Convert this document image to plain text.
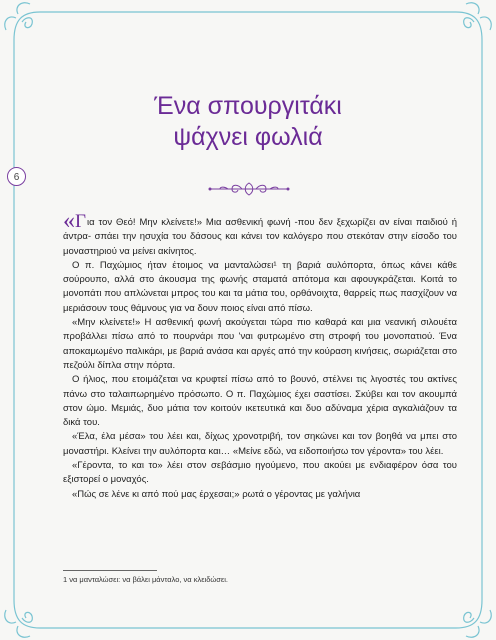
6
Ένα σπουργιτάκι
ψάχνει φωλιά

«Για τον Θεό! Μην κλείνετε!» Μια ασθενική φωνή -που δεν ξεχωρίζει αν είναι παιδιού ή άντρα- σπάει την ησυχία του δάσους και κάνει τον καλόγερο που στεκόταν στην είσοδο του μοναστηριού να μείνει ακίνητος.

Ο π. Παχώμιος ήταν έτοιμος να μανταλώσει¹ τη βαριά αυλόπορτα, όπως κάνει κάθε σούρουπο, αλλά στο άκουσμα της φωνής σταματά απότομα και αφουγκράζεται. Κοιτά το μονοπάτι που απλώνεται μπρος του και τα μάτια του, ορθάνοιχτα, θαρρείς πως πασχίζουν να μεριάσουν τους θάμνους για να δουν ποιος είναι από πίσω.

«Μην κλείνετε!» Η ασθενική φωνή ακούγεται τώρα πιο καθαρά και μια νεανική σιλουέτα προβάλλει πίσω από το πουρνάρι που 'ναι φυτρωμένο στη στροφή του μονοπατιού. Ένα αποκαμωμένο παλικάρι, με βαριά ανάσα και αργές από την κούραση κινήσεις, σωριάζεται στο πεζούλι δίπλα στην πόρτα.

Ο ήλιος, που ετοιμάζεται να κρυφτεί πίσω από το βουνό, στέλνει τις λιγοστές του ακτίνες πάνω στο ταλαιπωρημένο πρόσωπο. Ο π. Παχώμιος έχει σαστίσει. Σκύβει και τον ακουμπά στον ώμο. Μεμιάς, δυο μάτια τον κοιτούν ικετευτικά και δυο αδύναμα χέρια αγκαλιάζουν τα δικά του.

«Έλα, έλα μέσα» του λέει και, δίχως χρονοτριβή, τον σηκώνει και τον βοηθά να μπει στο μοναστήρι. Κλείνει την αυλόπορτα και… «Μείνε εδώ, να ειδοποιήσω τον γέροντα» του λέει.

«Γέροντα, το και το» λέει στον σεβάσμιο ηγούμενο, που ακούει με ενδιαφέρον όσα του εξιστορεί ο μοναχός.

«Πώς σε λένε κι από πού μας έρχεσαι;» ρωτά ο γέροντας με γαλήνια

1 να μανταλώσει: να βάλει μάνταλο, να κλειδώσει.
